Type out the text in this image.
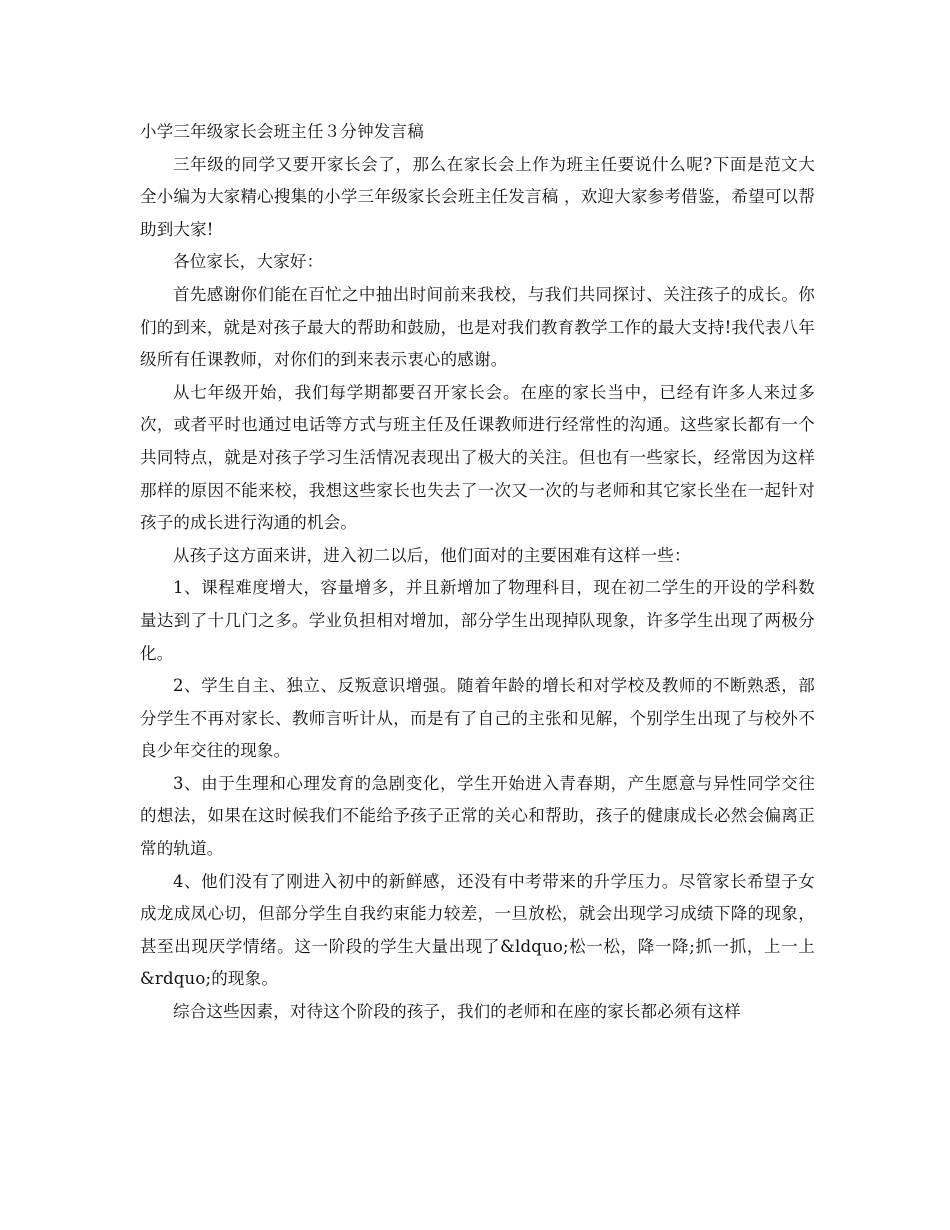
小学三年级家长会班主任３分钟发言稿

三年级的同学又要开家长会了，那么在家长会上作为班主任要说什么呢?下面是范文大全小编为大家精心搜集的小学三年级家长会班主任发言稿 ，欢迎大家参考借鉴，希望可以帮助到大家!

各位家长，大家好：

首先感谢你们能在百忙之中抽出时间前来我校，与我们共同探讨、关注孩子的成长。你们的到来，就是对孩子最大的帮助和鼓励，也是对我们教育教学工作的最大支持!我代表八年级所有任课教师，对你们的到来表示衷心的感谢。

从七年级开始，我们每学期都要召开家长会。在座的家长当中，已经有许多人来过多次，或者平时也通过电话等方式与班主任及任课教师进行经常性的沟通。这些家长都有一个共同特点，就是对孩子学习生活情况表现出了极大的关注。但也有一些家长，经常因为这样那样的原因不能来校，我想这些家长也失去了一次又一次的与老师和其它家长坐在一起针对孩子的成长进行沟通的机会。

从孩子这方面来讲，进入初二以后，他们面对的主要困难有这样一些：

1、课程难度增大，容量增多，并且新增加了物理科目，现在初二学生的开设的学科数量达到了十几门之多。学业负担相对增加，部分学生出现掉队现象，许多学生出现了两极分化。

2、学生自主、独立、反叛意识增强。随着年龄的增长和对学校及教师的不断熟悉，部分学生不再对家长、教师言听计从，而是有了自己的主张和见解，个别学生出现了与校外不良少年交往的现象。

3、由于生理和心理发育的急剧变化，学生开始进入青春期，产生愿意与异性同学交往的想法，如果在这时候我们不能给予孩子正常的关心和帮助，孩子的健康成长必然会偏离正常的轨道。

4、他们没有了刚进入初中的新鲜感，还没有中考带来的升学压力。尽管家长希望子女成龙成凤心切，但部分学生自我约束能力较差，一旦放松，就会出现学习成绩下降的现象，甚至出现厌学情绪。这一阶段的学生大量出现了&ldquo;松一松，降一降;抓一抓，上一上&rdquo;的现象。

综合这些因素，对待这个阶段的孩子，我们的老师和在座的家长都必须有这样
